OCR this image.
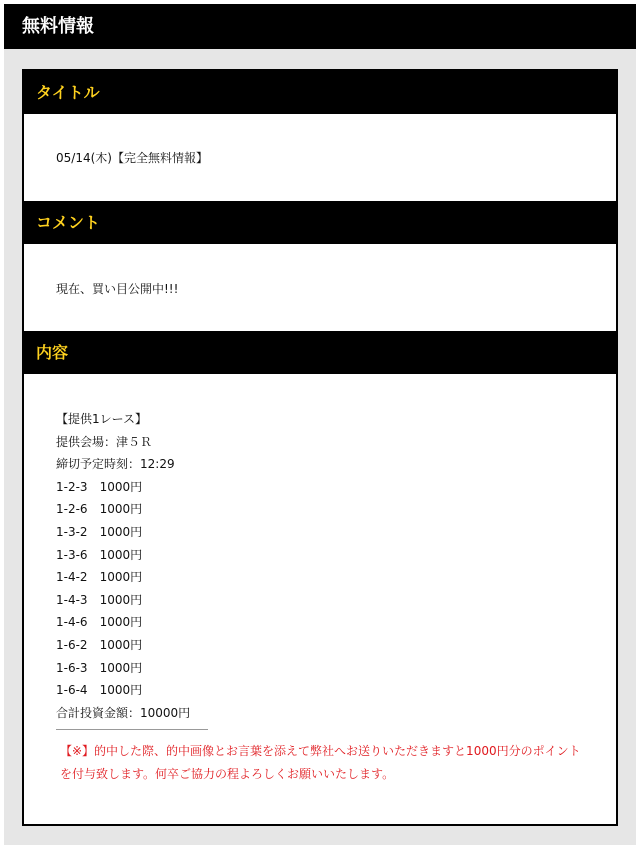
無料情報
タイトル
05/14(木)【完全無料情報】
コメント
現在、買い目公開中!!!
内容
【提供1レース】
提供会場：津５Ｒ
締切予定時刻：12:29
1-2-3　1000円
1-2-6　1000円
1-3-2　1000円
1-3-6　1000円
1-4-2　1000円
1-4-3　1000円
1-4-6　1000円
1-6-2　1000円
1-6-3　1000円
1-6-4　1000円
合計投資金額：10000円
【※】的中した際、的中画像とお言葉を添えて弊社へお送りいただきますと1000円分のポイントを付与致します。何卒ご協力の程よろしくお願いいたします。
